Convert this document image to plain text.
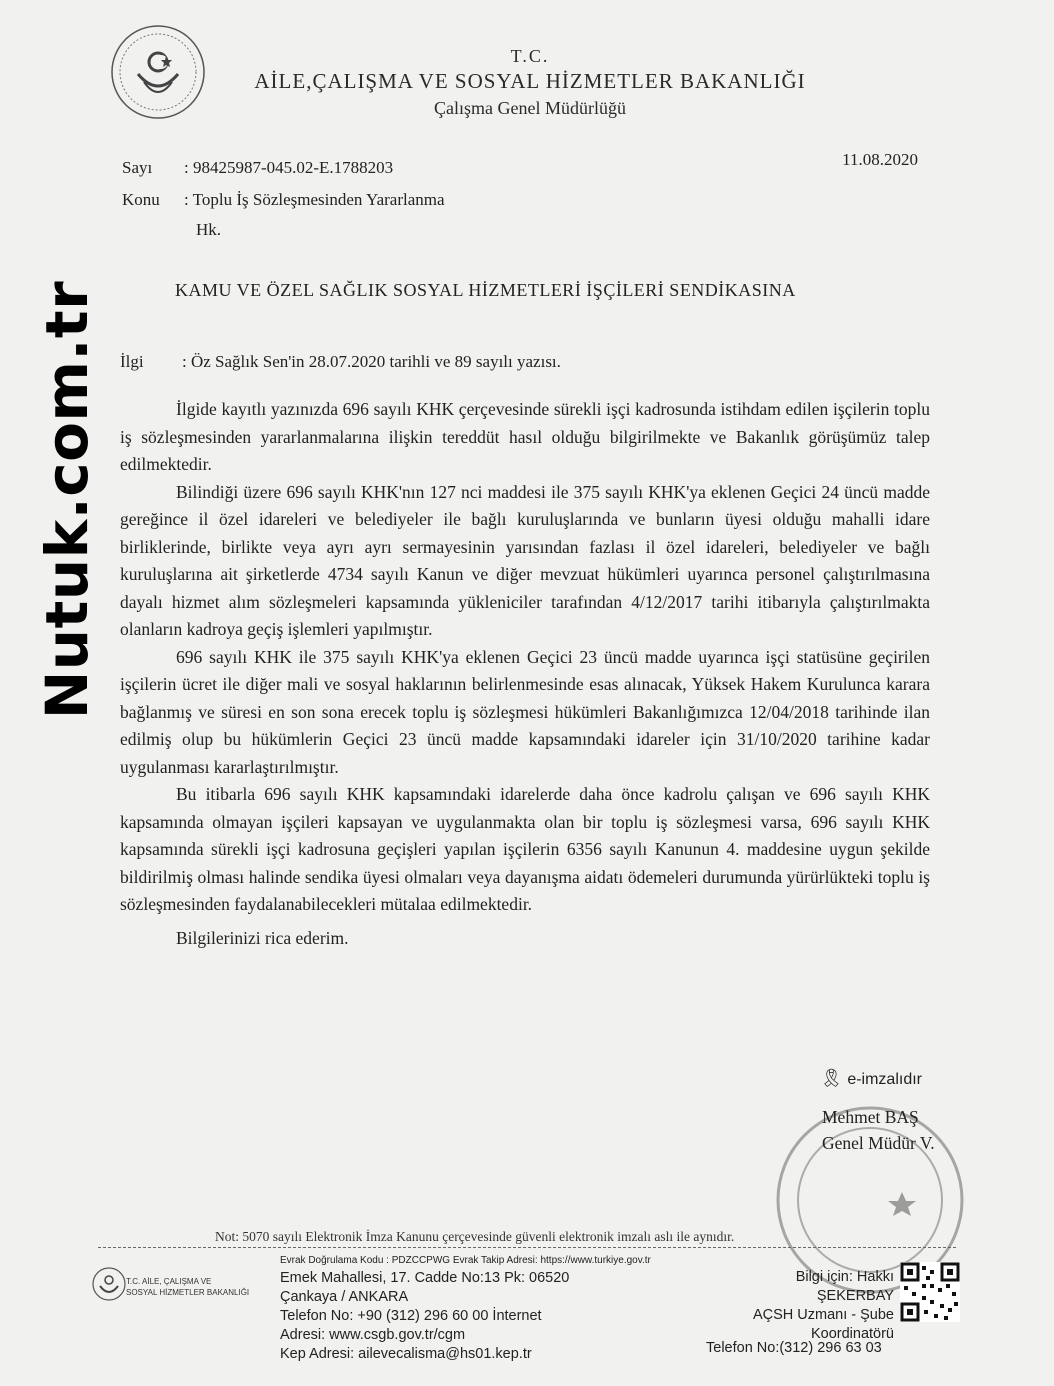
Nutuk.com.tr
T.C.
AİLE,ÇALIŞMA VE SOSYAL HİZMETLER BAKANLIĞI
Çalışma Genel Müdürlüğü
Sayı : 98425987-045.02-E.1788203	11.08.2020
Konu : Toplu İş Sözleşmesinden Yararlanma
Hk.
KAMU VE ÖZEL SAĞLIK SOSYAL HİZMETLERİ İŞÇİLERİ SENDİKASINA
İlgi : Öz Sağlık Sen'in 28.07.2020 tarihli ve 89 sayılı yazısı.

İlgide kayıtlı yazınızda 696 sayılı KHK çerçevesinde sürekli işçi kadrosunda istihdam edilen işçilerin toplu iş sözleşmesinden yararlanmalarına ilişkin tereddüt hasıl olduğu bilgirilmekte ve Bakanlık görüşümüz talep edilmektedir.

Bilindiği üzere 696 sayılı KHK'nın 127 nci maddesi ile 375 sayılı KHK'ya eklenen Geçici 24 üncü madde gereğince il özel idareleri ve belediyeler ile bağlı kuruluşlarında ve bunların üyesi olduğu mahalli idare birliklerinde, birlikte veya ayrı ayrı sermayesinin yarısından fazlası il özel idareleri, belediyeler ve bağlı kuruluşlarına ait şirketlerde 4734 sayılı Kanun ve diğer mevzuat hükümleri uyarınca personel çalıştırılmasına dayalı hizmet alım sözleşmeleri kapsamında yükleniciler tarafından 4/12/2017 tarihi itibarıyla çalıştırılmakta olanların kadroya geçiş işlemleri yapılmıştır.

696 sayılı KHK ile 375 sayılı KHK'ya eklenen Geçici 23 üncü madde uyarınca işçi statüsüne geçirilen işçilerin ücret ile diğer mali ve sosyal haklarının belirlenmesinde esas alınacak, Yüksek Hakem Kurulunca karara bağlanmış ve süresi en son sona erecek toplu iş sözleşmesi hükümleri Bakanlığımızca 12/04/2018 tarihinde ilan edilmiş olup bu hükümlerin Geçici 23 üncü madde kapsamındaki idareler için 31/10/2020 tarihine kadar uygulanması kararlaştırılmıştır.

Bu itibarla 696 sayılı KHK kapsamındaki idarelerde daha önce kadrolu çalışan ve 696 sayılı KHK kapsamında olmayan işçileri kapsayan ve uygulanmakta olan bir toplu iş sözleşmesi varsa, 696 sayılı KHK kapsamında sürekli işçi kadrosuna geçişleri yapılan işçilerin 6356 sayılı Kanunun 4. maddesine uygun şekilde bildirilmiş olması halinde sendika üyesi olmaları veya dayanışma aidatı ödemeleri durumunda yürürlükteki toplu iş sözleşmesinden faydalanabilecekleri mütalaa edilmektedir.

Bilgilerinizi rica ederim.

🎗 e-imzalıdır
Mehmet BAŞ
Genel Müdür V.
Not: 5070 sayılı Elektronik İmza Kanunu çerçevesinde güvenli elektronik imzalı aslı ile aynıdır.
T.C. AİLE, ÇALIŞMA VE
SOSYAL HİZMETLER BAKANLIĞI
Evrak Doğrulama Kodu : PDZCCPWG Evrak Takip Adresi: https://www.turkiye.gov.tr
Emek Mahallesi, 17. Cadde No:13 Pk: 06520
Çankaya / ANKARA
Telefon No: +90 (312) 296 60 00 İnternet
Adresi: www.csgb.gov.tr/cgm
Kep Adresi: ailevecalisma@hs01.kep.tr
Bilgi için: Hakkı
ŞEKERBAY
AÇSH Uzmanı - Şube
Koordinatörü
Telefon No:(312) 296 63 03
